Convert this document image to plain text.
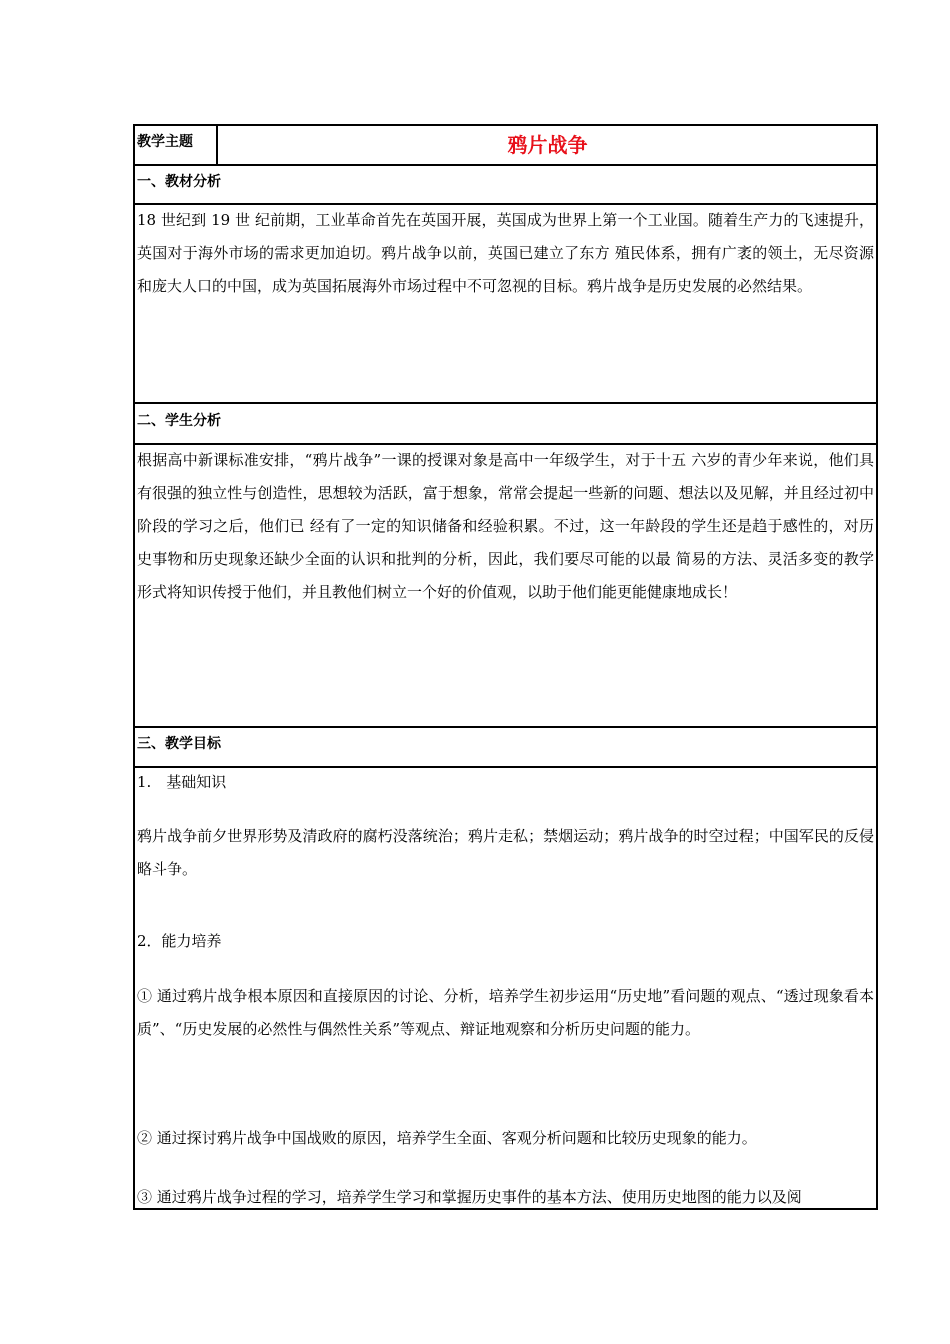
教学主题	鸦片战争
一、教材分析

18 世纪到 19 世 纪前期，工业革命首先在英国开展，英国成为世界上第一个工业国。随着生产力的飞速提升，英国对于海外市场的需求更加迫切。鸦片战争以前，英国已建立了东方 殖民体系，拥有广袤的领土，无尽资源和庞大人口的中国，成为英国拓展海外市场过程中不可忽视的目标。鸦片战争是历史发展的必然结果。

二、学生分析

根据高中新课标准安排，“鸦片战争”一课的授课对象是高中一年级学生，对于十五 六岁的青少年来说，他们具有很强的独立性与创造性，思想较为活跃，富于想象，常常会提起一些新的问题、想法以及见解，并且经过初中阶段的学习之后，他们已 经有了一定的知识储备和经验积累。不过，这一年龄段的学生还是趋于感性的，对历史事物和历史现象还缺少全面的认识和批判的分析，因此，我们要尽可能的以最 简易的方法、灵活多变的教学形式将知识传授于他们，并且教他们树立一个好的价值观，以助于他们能更能健康地成长！

三、教学目标
1.　基础知识

鸦片战争前夕世界形势及清政府的腐朽没落统治；鸦片走私；禁烟运动；鸦片战争的时空过程；中国军民的反侵略斗争。

2．能力培养

① 通过鸦片战争根本原因和直接原因的讨论、分析，培养学生初步运用“历史地”看问题的观点、“透过现象看本质”、“历史发展的必然性与偶然性关系”等观点、辩证地观察和分析历史问题的能力。

② 通过探讨鸦片战争中国战败的原因，培养学生全面、客观分析问题和比较历史现象的能力。

③ 通过鸦片战争过程的学习，培养学生学习和掌握历史事件的基本方法、使用历史地图的能力以及阅
